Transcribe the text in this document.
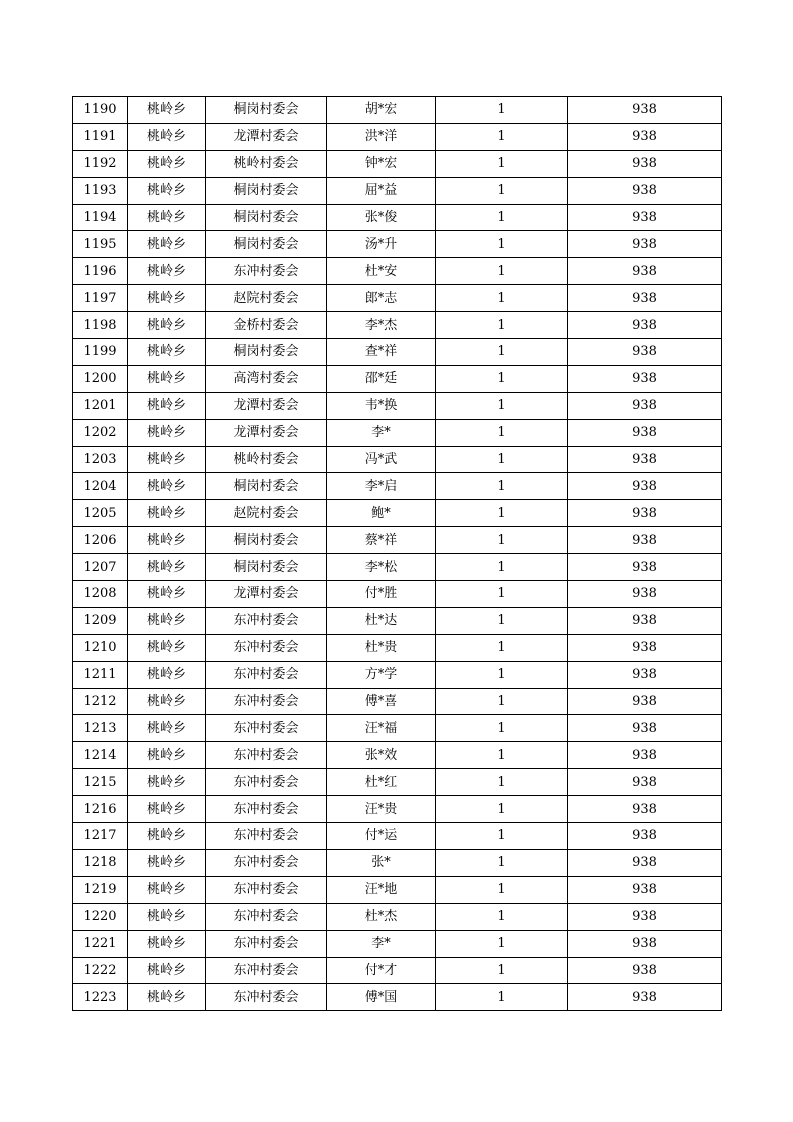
1190	桃岭乡	桐岗村委会	胡*宏	1	938
1191	桃岭乡	龙潭村委会	洪*洋	1	938
1192	桃岭乡	桃岭村委会	钟*宏	1	938
1193	桃岭乡	桐岗村委会	屈*益	1	938
1194	桃岭乡	桐岗村委会	张*俊	1	938
1195	桃岭乡	桐岗村委会	汤*升	1	938
1196	桃岭乡	东冲村委会	杜*安	1	938
1197	桃岭乡	赵院村委会	郎*志	1	938
1198	桃岭乡	金桥村委会	李*杰	1	938
1199	桃岭乡	桐岗村委会	查*祥	1	938
1200	桃岭乡	高湾村委会	邵*廷	1	938
1201	桃岭乡	龙潭村委会	韦*换	1	938
1202	桃岭乡	龙潭村委会	李*	1	938
1203	桃岭乡	桃岭村委会	冯*武	1	938
1204	桃岭乡	桐岗村委会	李*启	1	938
1205	桃岭乡	赵院村委会	鲍*	1	938
1206	桃岭乡	桐岗村委会	蔡*祥	1	938
1207	桃岭乡	桐岗村委会	李*松	1	938
1208	桃岭乡	龙潭村委会	付*胜	1	938
1209	桃岭乡	东冲村委会	杜*达	1	938
1210	桃岭乡	东冲村委会	杜*贵	1	938
1211	桃岭乡	东冲村委会	方*学	1	938
1212	桃岭乡	东冲村委会	傅*喜	1	938
1213	桃岭乡	东冲村委会	汪*福	1	938
1214	桃岭乡	东冲村委会	张*效	1	938
1215	桃岭乡	东冲村委会	杜*红	1	938
1216	桃岭乡	东冲村委会	汪*贵	1	938
1217	桃岭乡	东冲村委会	付*运	1	938
1218	桃岭乡	东冲村委会	张*	1	938
1219	桃岭乡	东冲村委会	汪*地	1	938
1220	桃岭乡	东冲村委会	杜*杰	1	938
1221	桃岭乡	东冲村委会	李*	1	938
1222	桃岭乡	东冲村委会	付*才	1	938
1223	桃岭乡	东冲村委会	傅*国	1	938
